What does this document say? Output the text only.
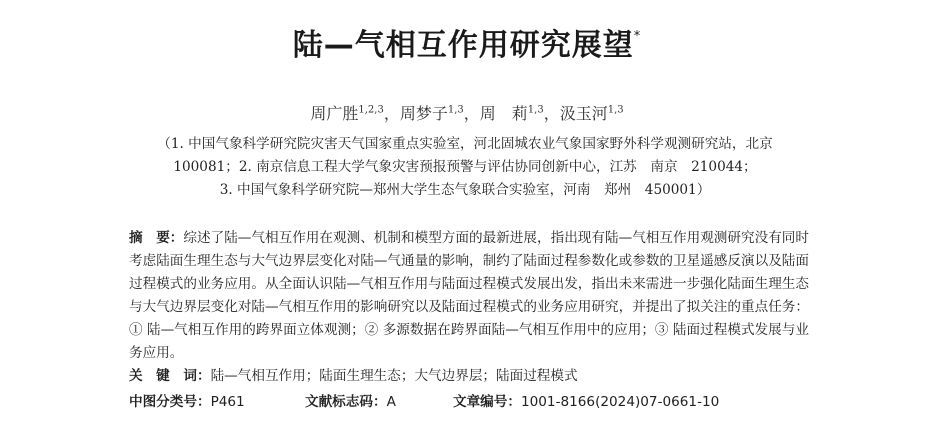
陆—气相互作用研究展望*
周广胜$^{1,2,3}$，周梦子$^{1,3}$，周　莉$^{1,3}$，汲玉河$^{1,3}$
（1. 中国气象科学研究院灾害天气国家重点实验室，河北固城农业气象国家野外科学观测研究站，北京
100081；2. 南京信息工程大学气象灾害预报预警与评估协同创新中心，江苏　南京　210044；
3. 中国气象科学研究院—郑州大学生态气象联合实验室，河南　郑州　450001）
摘　要：综述了陆—气相互作用在观测、机制和模型方面的最新进展，指出现有陆—气相互作用观测研究没有同时考虑陆面生理生态与大气边界层变化对陆—气通量的影响，制约了陆面过程参数化或参数的卫星遥感反演以及陆面过程模式的业务应用。从全面认识陆—气相互作用与陆面过程模式发展出发，指出未来需进一步强化陆面生理生态与大气边界层变化对陆—气相互作用的影响研究以及陆面过程模式的业务应用研究，并提出了拟关注的重点任务：① 陆—气相互作用的跨界面立体观测；② 多源数据在跨界面陆—气相互作用中的应用；③ 陆面过程模式发展与业务应用。
关　键　词：陆—气相互作用；陆面生理生态；大气边界层；陆面过程模式
中图分类号：P461	文献标志码：A	文章编号：1001-8166(2024)07-0661-10
